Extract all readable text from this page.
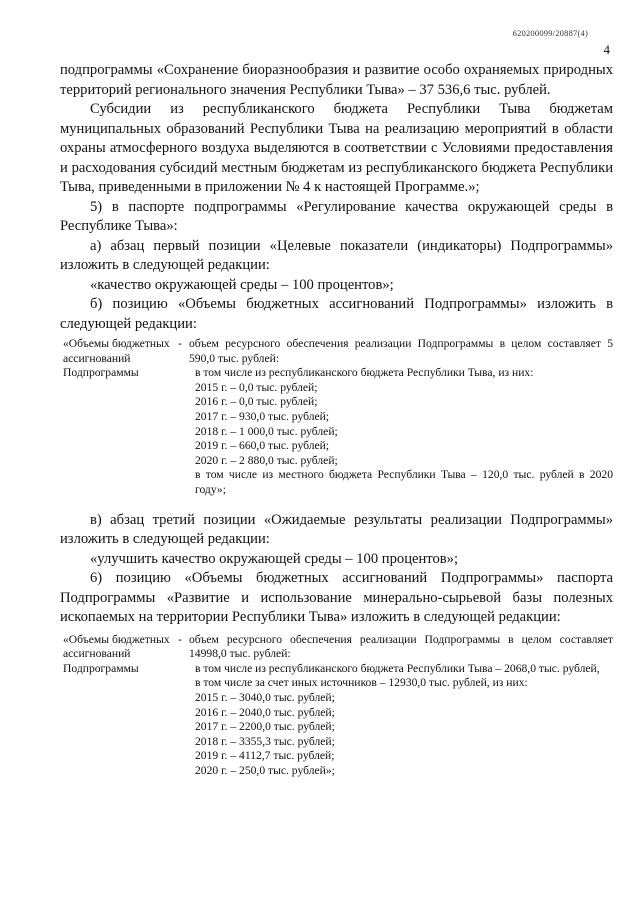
620200099/20887(4)
4

подпрограммы «Сохранение биоразнообразия и развитие особо охраняемых природных территорий регионального значения Республики Тыва» – 37 536,6 тыс. рублей.

Субсидии из республиканского бюджета Республики Тыва бюджетам муниципальных образований Республики Тыва на реализацию мероприятий в области охраны атмосферного воздуха выделяются в соответствии с Условиями предоставления и расходования субсидий местным бюджетам из республиканского бюджета Республики Тыва, приведенными в приложении № 4 к настоящей Программе.»;

5) в паспорте подпрограммы «Регулирование качества окружающей среды в Республике Тыва»:

а) абзац первый позиции «Целевые показатели (индикаторы) Подпрограммы» изложить в следующей редакции:

«качество окружающей среды – 100 процентов»;

б) позицию «Объемы бюджетных ассигнований Подпрограммы» изложить в следующей редакции:

«Объемы бюджетных ассигнований Подпрограммы
- объем ресурсного обеспечения реализации Подпрограммы в целом составляет 5 590,0 тыс. рублей:
в том числе из республиканского бюджета Республики Тыва, из них:
2015 г. – 0,0 тыс. рублей;
2016 г. – 0,0 тыс. рублей;
2017 г. – 930,0 тыс. рублей;
2018 г. – 1 000,0 тыс. рублей;
2019 г. – 660,0 тыс. рублей;
2020 г. – 2 880,0 тыс. рублей;
в том числе из местного бюджета Республики Тыва – 120,0 тыс. рублей в 2020 году»;

в) абзац третий позиции «Ожидаемые результаты реализации Подпрограммы» изложить в следующей редакции:

«улучшить качество окружающей среды – 100 процентов»;

6) позицию «Объемы бюджетных ассигнований Подпрограммы» паспорта Подпрограммы «Развитие и использование минерально-сырьевой базы полезных ископаемых на территории Республики Тыва» изложить в следующей редакции:

«Объемы бюджетных ассигнований Подпрограммы
- объем ресурсного обеспечения реализации Подпрограммы в целом составляет 14998,0 тыс. рублей:
в том числе из республиканского бюджета Республики Тыва – 2068,0 тыс. рублей,
в том числе за счет иных источников – 12930,0 тыс. рублей, из них:
2015 г. – 3040,0 тыс. рублей;
2016 г. – 2040,0 тыс. рублей;
2017 г. – 2200,0 тыс. рублей;
2018 г. – 3355,3 тыс. рублей;
2019 г. – 4112,7 тыс. рублей;
2020 г. – 250,0 тыс. рублей»;
